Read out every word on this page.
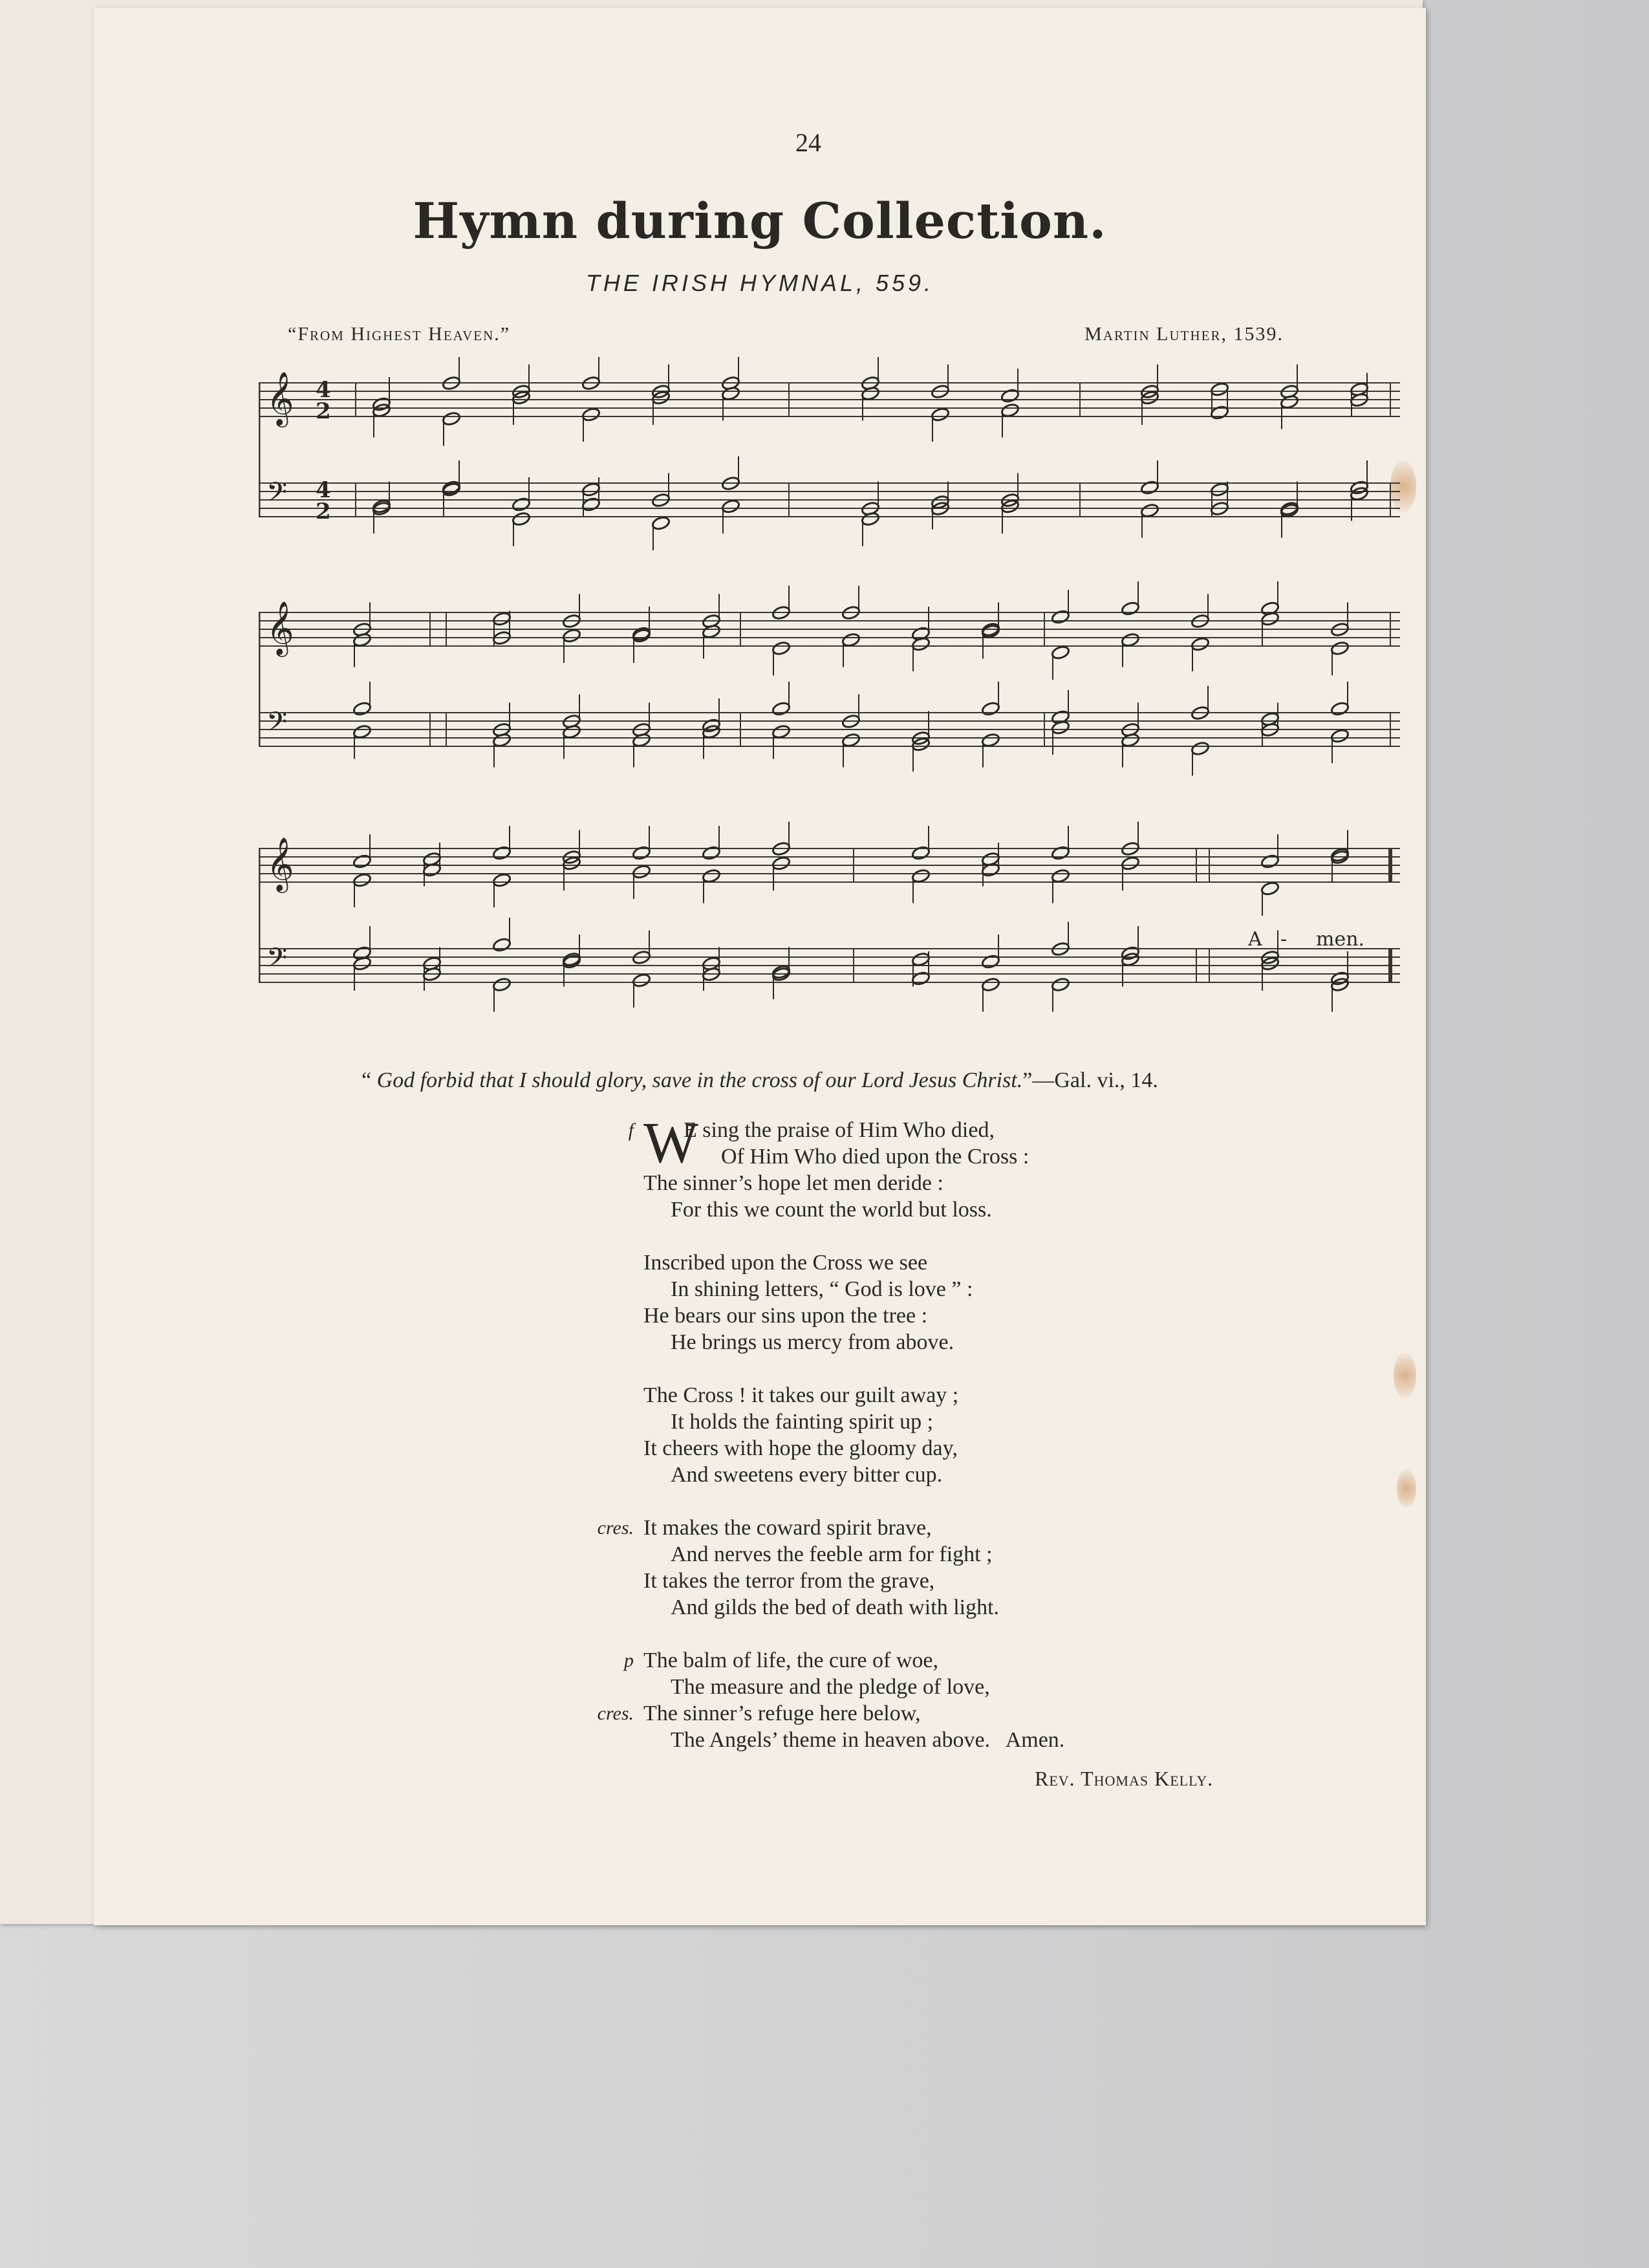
24
Hymn during Collection.
THE IRISH HYMNAL, 559.
“From Highest Heaven.”	Martin Luther, 1539.
𝄞
𝄢
𝄞
𝄢
𝄞
𝄢
4
2
4
2
A - men.
“ God forbid that I should glory, save in the cross of our Lord Jesus Christ.”—Gal. vi., 14.
f W
E sing the praise of Him Who died,
Of Him Who died upon the Cross :
The sinner’s hope let men deride :
For this we count the world but loss.
Inscribed upon the Cross we see
In shining letters, “ God is love ” :
He bears our sins upon the tree :
He brings us mercy from above.
The Cross ! it takes our guilt away ;
It holds the fainting spirit up ;
It cheers with hope the gloomy day,
And sweetens every bitter cup.
cres. It makes the coward spirit brave,
And nerves the feeble arm for fight ;
It takes the terror from the grave,
And gilds the bed of death with light.
p
cres.
The balm of life, the cure of woe,
The measure and the pledge of love,
The sinner’s refuge here below,
The Angels’ theme in heaven above.   Amen.
Rev. Thomas Kelly.
